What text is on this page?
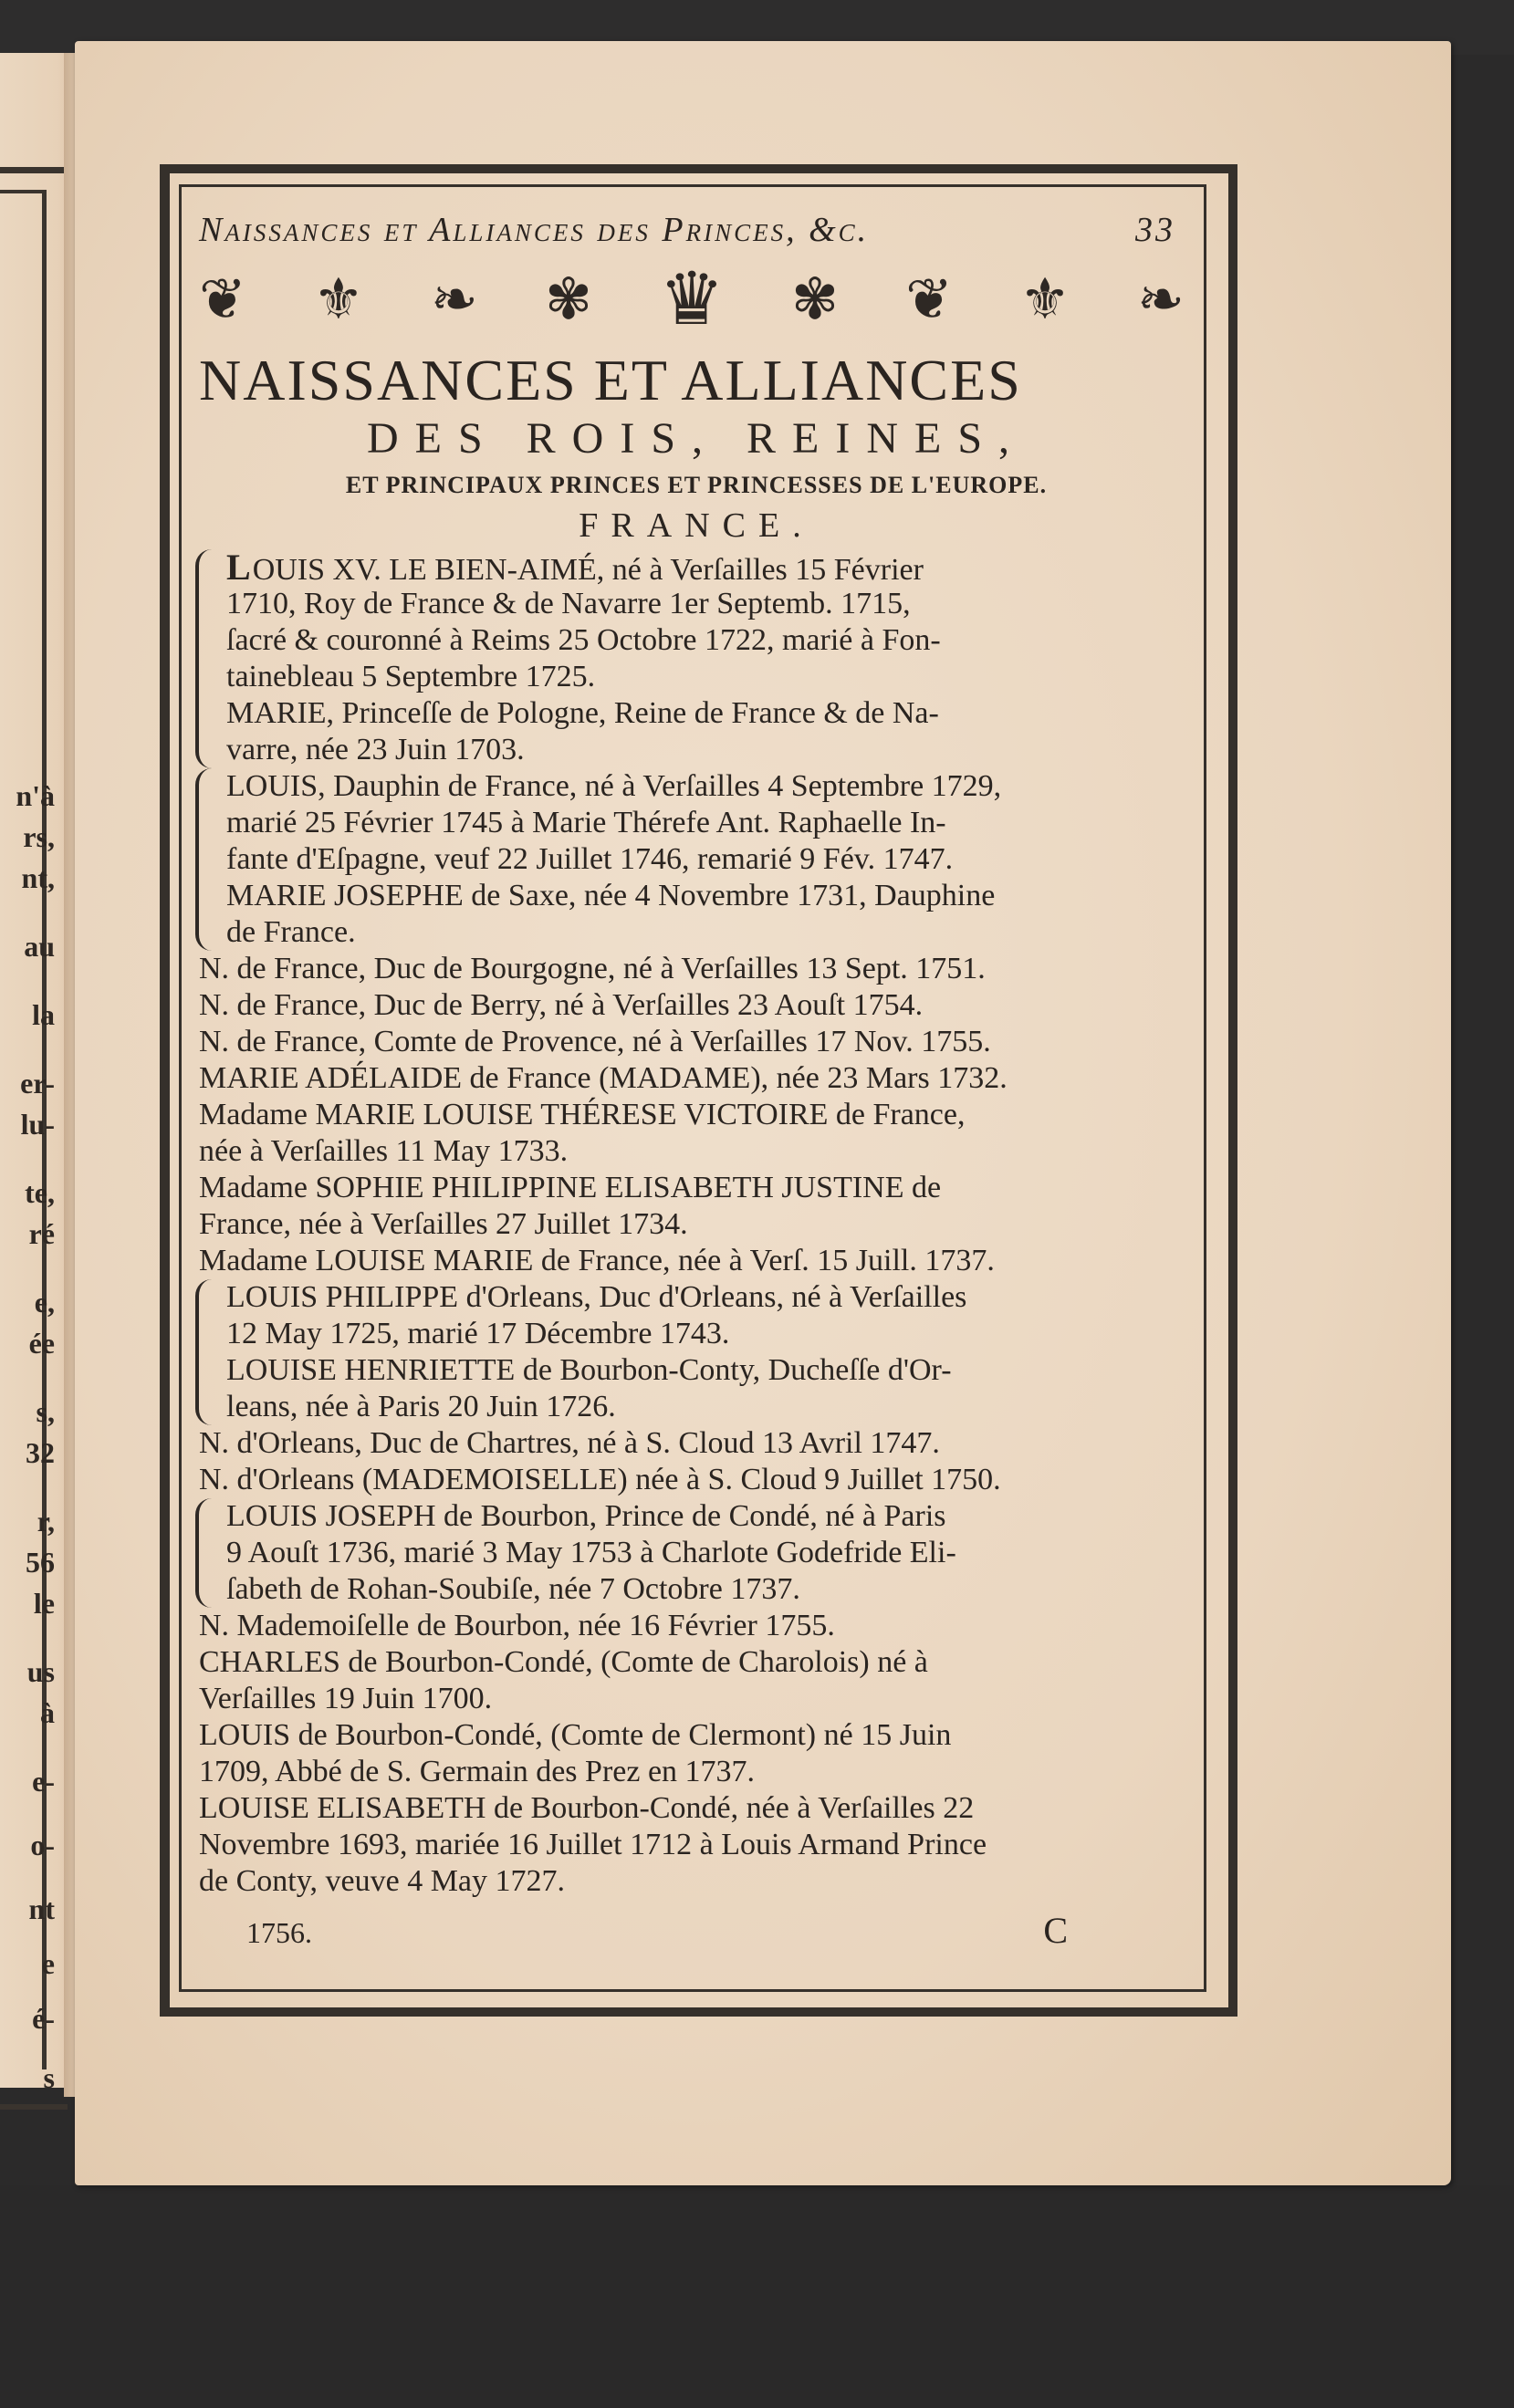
n'à
rs,
nt,
au
la
er-
lu-
te,
ré
e,
ée
s,
32
r,
56
le
us
à
e-
o-
nt
e
é-
s
Naissances et Alliances des Princes, &c.	33
❦ ⚜ ❧ ✾ ♛ ✾ ❦ ⚜ ❧
NAISSANCES ET ALLIANCES
DES ROIS, REINES,
ET PRINCIPAUX PRINCES ET PRINCESSES DE L'EUROPE.
FRANCE.
LOUIS XV. LE BIEN-AIMÉ, né à Verſailles 15 Février
1710, Roy de France & de Navarre 1er Septemb. 1715,
ſacré & couronné à Reims 25 Octobre 1722, marié à Fon-
tainebleau 5 Septembre 1725.
MARIE, Princeſſe de Pologne, Reine de France & de Na-
varre, née 23 Juin 1703.
LOUIS, Dauphin de France, né à Verſailles 4 Septembre 1729,
marié 25 Février 1745 à Marie Thérefe Ant. Raphaelle In-
fante d'Eſpagne, veuf 22 Juillet 1746, remarié 9 Fév. 1747.
MARIE JOSEPHE de Saxe, née 4 Novembre 1731, Dauphine
de France.
N. de France, Duc de Bourgogne, né à Verſailles 13 Sept. 1751.
N. de France, Duc de Berry, né à Verſailles 23 Aouſt 1754.
N. de France, Comte de Provence, né à Verſailles 17 Nov. 1755.
MARIE ADÉLAIDE de France (MADAME), née 23 Mars 1732.
Madame MARIE LOUISE THÉRESE VICTOIRE de France,
née à Verſailles 11 May 1733.
Madame SOPHIE PHILIPPINE ELISABETH JUSTINE de
France, née à Verſailles 27 Juillet 1734.
Madame LOUISE MARIE de France, née à Verſ. 15 Juill. 1737.
LOUIS PHILIPPE d'Orleans, Duc d'Orleans, né à Verſailles
12 May 1725, marié 17 Décembre 1743.
LOUISE HENRIETTE de Bourbon-Conty, Ducheſſe d'Or-
leans, née à Paris 20 Juin 1726.
N. d'Orleans, Duc de Chartres, né à S. Cloud 13 Avril 1747.
N. d'Orleans (MADEMOISELLE) née à S. Cloud 9 Juillet 1750.
LOUIS JOSEPH de Bourbon, Prince de Condé, né à Paris
9 Aouſt 1736, marié 3 May 1753 à Charlote Godefride Eli-
ſabeth de Rohan-Soubiſe, née 7 Octobre 1737.
N. Mademoiſelle de Bourbon, née 16 Février 1755.
CHARLES de Bourbon-Condé, (Comte de Charolois) né à
Verſailles 19 Juin 1700.
LOUIS de Bourbon-Condé, (Comte de Clermont) né 15 Juin
1709, Abbé de S. Germain des Prez en 1737.
LOUISE ELISABETH de Bourbon-Condé, née à Verſailles 22
Novembre 1693, mariée 16 Juillet 1712 à Louis Armand Prince
de Conty, veuve 4 May 1727.
1756.	C
